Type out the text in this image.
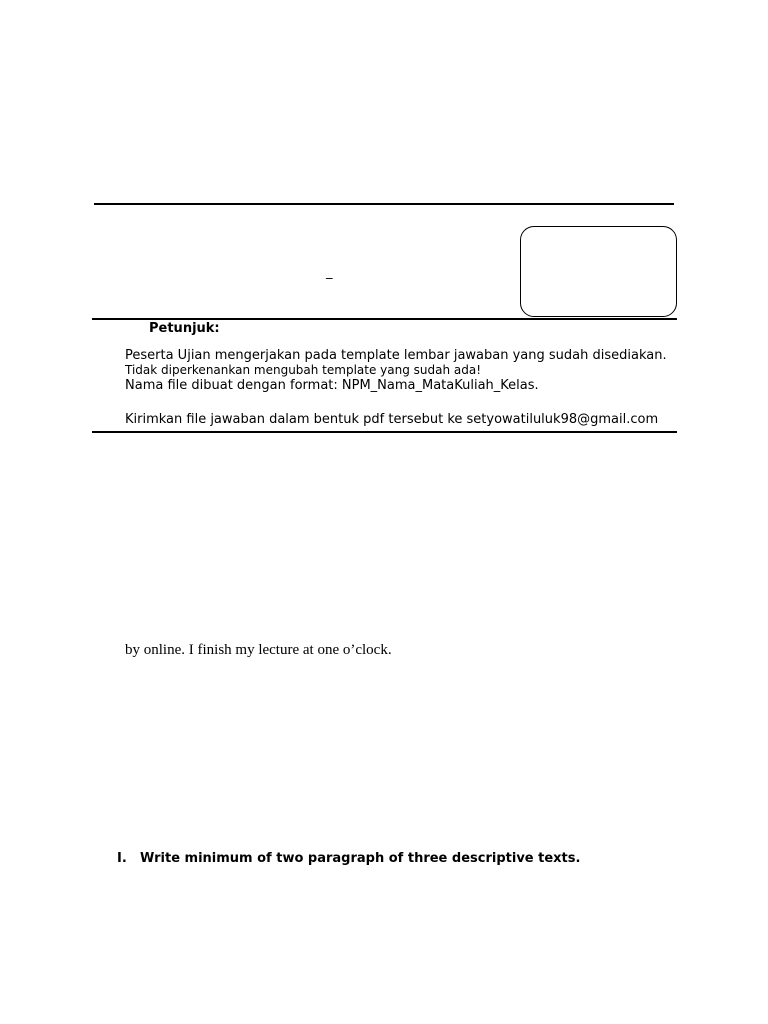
_
Petunjuk:
Peserta Ujian mengerjakan pada template lembar jawaban yang sudah disediakan.
Tidak diperkenankan mengubah template yang sudah ada!
Nama file dibuat dengan format: NPM_Nama_MataKuliah_Kelas.
Kirimkan file jawaban dalam bentuk pdf tersebut ke setyowatiluluk98@gmail.com
by online. I finish my lecture at one o’clock.
I. Write minimum of two paragraph of three descriptive texts.
